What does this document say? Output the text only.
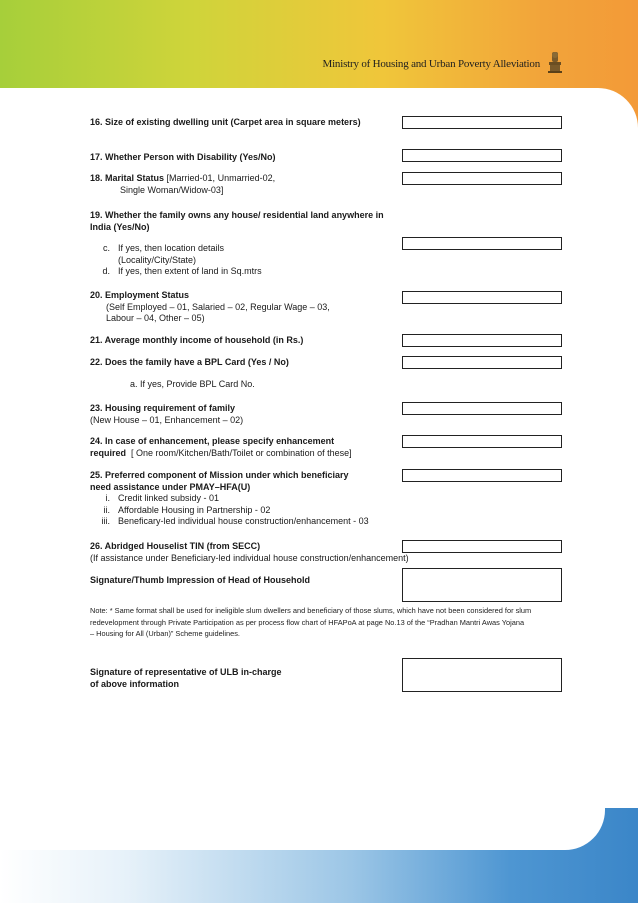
Ministry of Housing and Urban Poverty Alleviation
33
16. Size of existing dwelling unit (Carpet area in square meters)
17. Whether Person with Disability (Yes/No)
18. Marital Status [Married-01, Unmarried-02,
Single Woman/Widow-03]
19. Whether the family owns any house/ residential land anywhere in India (Yes/No)
c. If yes, then location details
(Locality/City/State)
d. If yes, then extent of land in Sq.mtrs
20. Employment Status
(Self Employed – 01, Salaried – 02, Regular Wage – 03,
Labour – 04, Other – 05)
21. Average monthly income of household (in Rs.)
22. Does the family have a BPL Card (Yes / No)
a. If yes, Provide BPL Card No.
23. Housing requirement of family
(New House – 01, Enhancement – 02)
24. In case of enhancement, please specify enhancement
required [ One room/Kitchen/Bath/Toilet or combination of these]
25. Preferred component of Mission under which beneficiary
need assistance under PMAY–HFA(U)
i. Credit linked subsidy - 01
ii. Affordable Housing in Partnership - 02
iii. Beneficary-led individual house construction/enhancement - 03
26. Abridged Houselist TIN (from SECC)
(If assistance under Beneficiary-led individual house construction/enhancement)
Signature/Thumb Impression of Head of Household
Signature of representative of ULB in-charge
of above information
Note: * Same format shall be used for ineligible slum dwellers and beneficiary of those slums, which have not been considered for slum
redevelopment through Private Participation as per process flow chart of HFAPoA at page No.13 of the “Pradhan Mantri Awas Yojana
– Housing for All (Urban)” Scheme guidelines.
